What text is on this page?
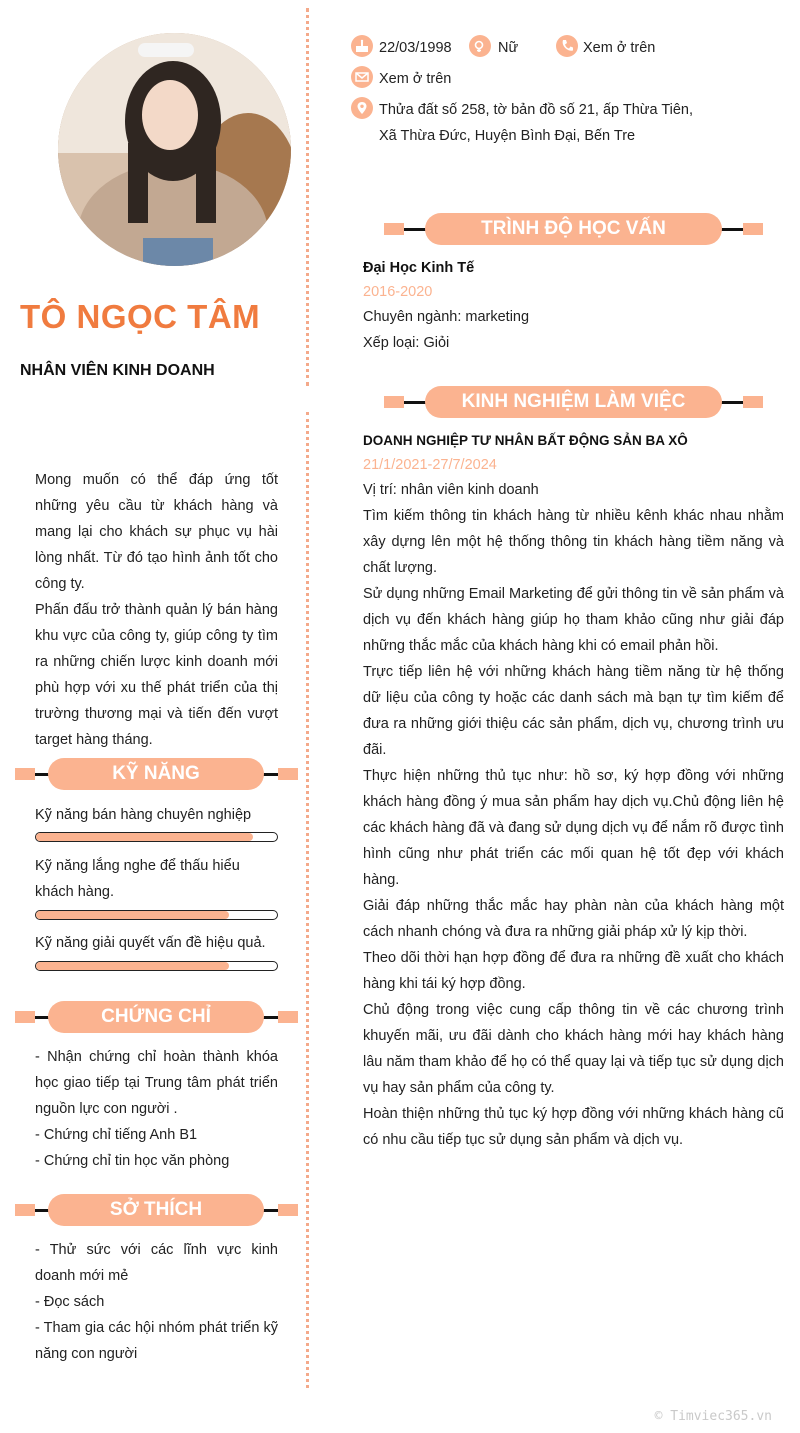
TÔ NGỌC TÂM
NHÂN VIÊN KINH DOANH
Mong muốn có thể đáp ứng tốt những yêu cầu từ khách hàng và mang lại cho khách sự phục vụ hài lòng nhất. Từ đó tạo hình ảnh tốt cho công ty.
Phấn đấu trở thành quản lý bán hàng khu vực của công ty, giúp công ty tìm ra những chiến lược kinh doanh mới phù hợp với xu thế phát triển của thị trường thương mại và tiến đến vượt target hàng tháng.
KỸ NĂNG
Kỹ năng bán hàng chuyên nghiệp
Kỹ năng lắng nghe để thấu hiểu khách hàng.
Kỹ năng giải quyết vấn đề hiệu quả.
CHỨNG CHỈ
- Nhận chứng chỉ hoàn thành khóa học giao tiếp tại Trung tâm phát triển nguồn lực con người .
- Chứng chỉ tiếng Anh B1
- Chứng chỉ tin học văn phòng
SỞ THÍCH
- Thử sức với các lĩnh vực kinh doanh mới mẻ
- Đọc sách
- Tham gia các hội nhóm phát triển kỹ năng con người
22/03/1998	Nữ	Xem ở trên
Xem ở trên
Thửa đất số 258, tờ bản đồ số 21, ấp Thừa Tiên,
Xã Thừa Đức, Huyện Bình Đại, Bến Tre
TRÌNH ĐỘ HỌC VẤN
Đại Học Kinh Tế
2016-2020
Chuyên ngành: marketing
Xếp loại: Giỏi
KINH NGHIỆM LÀM VIỆC
DOANH NGHIỆP TƯ NHÂN BẤT ĐỘNG SẢN BA XÔ
21/1/2021-27/7/2024
Vị trí: nhân viên kinh doanh
Tìm kiếm thông tin khách hàng từ nhiều kênh khác nhau nhằm xây dựng lên một hệ thống thông tin khách hàng tiềm năng và chất lượng.
Sử dụng những Email Marketing để gửi thông tin về sản phẩm và dịch vụ đến khách hàng giúp họ tham khảo cũng như giải đáp những thắc mắc của khách hàng khi có email phản hồi.
Trực tiếp liên hệ với những khách hàng tiềm năng từ hệ thống dữ liệu của công ty hoặc các danh sách mà bạn tự tìm kiếm để đưa ra những giới thiệu các sản phẩm, dịch vụ, chương trình ưu đãi.
Thực hiện những thủ tục như: hồ sơ, ký hợp đồng với những khách hàng đồng ý mua sản phẩm hay dịch vụ.Chủ động liên hệ các khách hàng đã và đang sử dụng dịch vụ để nắm rõ được tình hình cũng như phát triển các mối quan hệ tốt đẹp với khách hàng.
Giải đáp những thắc mắc hay phàn nàn của khách hàng một cách nhanh chóng và đưa ra những giải pháp xử lý kịp thời.
Theo dõi thời hạn hợp đồng để đưa ra những đề xuất cho khách hàng khi tái ký hợp đồng.
Chủ động trong việc cung cấp thông tin về các chương trình khuyến mãi, ưu đãi dành cho khách hàng mới hay khách hàng lâu năm tham khảo để họ có thể quay lại và tiếp tục sử dụng dịch vụ hay sản phẩm của công ty.
Hoàn thiện những thủ tục ký hợp đồng với những khách hàng cũ có nhu cầu tiếp tục sử dụng sản phẩm và dịch vụ.
© Timviec365.vn
